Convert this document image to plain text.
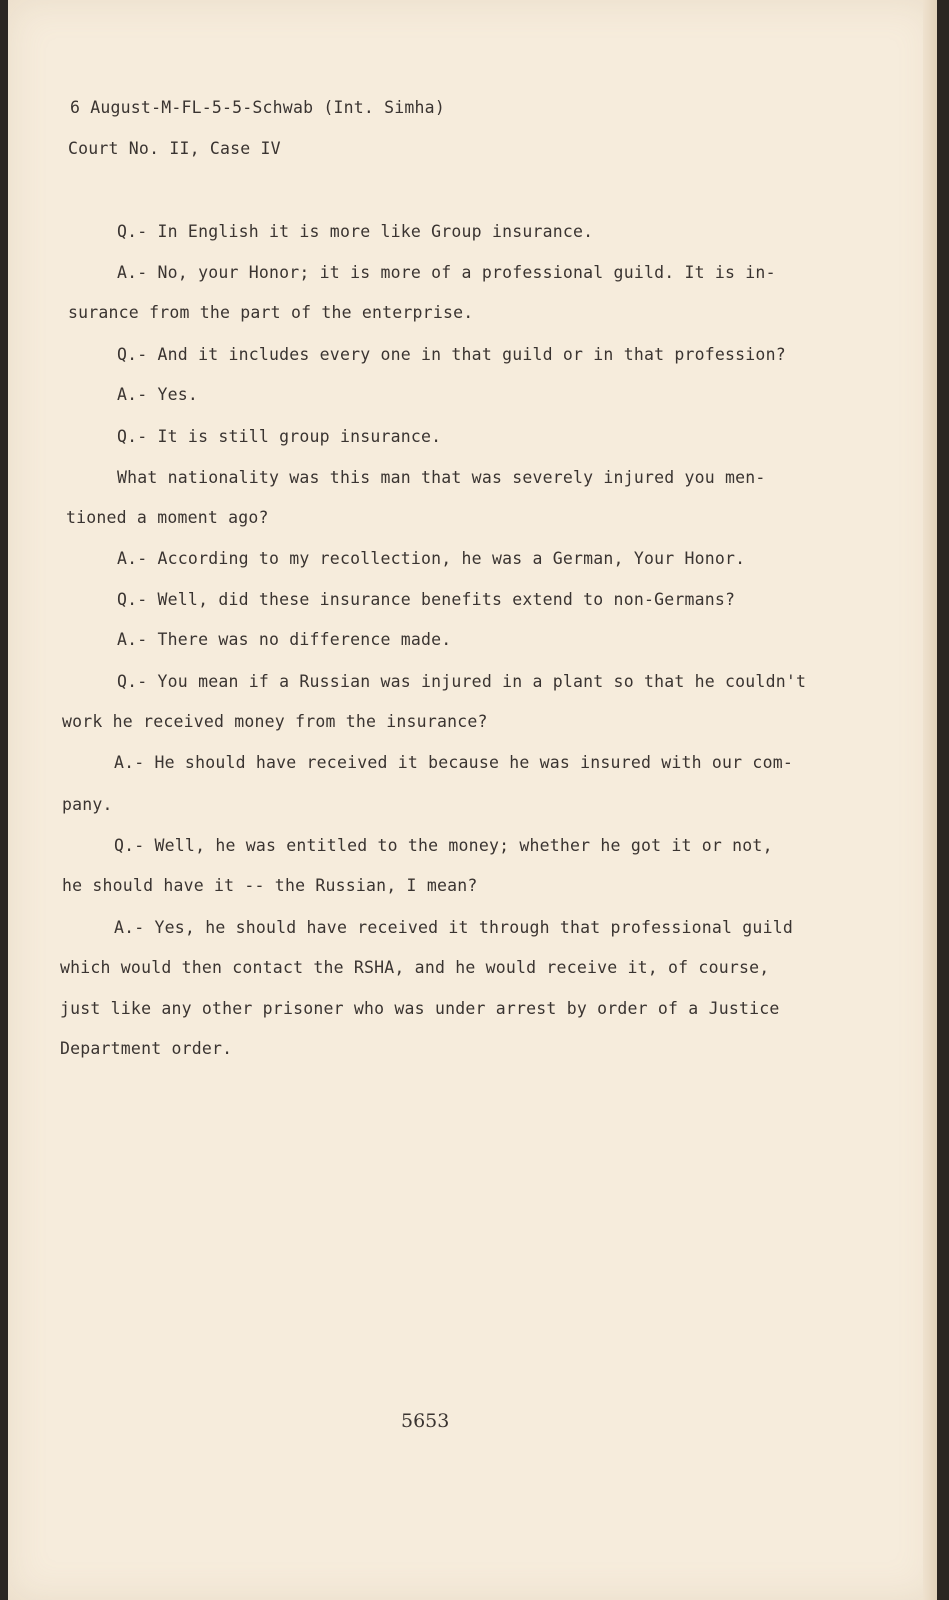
6 August-M-FL-5-5-Schwab (Int. Simha)
Court No. II, Case IV
Q.- In English it is more like Group insurance.
A.- No, your Honor; it is more of a professional guild. It is in-
surance from the part of the enterprise.
Q.- And it includes every one in that guild or in that profession?
A.- Yes.
Q.- It is still group insurance.
What nationality was this man that was severely injured you men-
tioned a moment ago?
A.- According to my recollection, he was a German, Your Honor.
Q.- Well, did these insurance benefits extend to non-Germans?
A.- There was no difference made.
Q.- You mean if a Russian was injured in a plant so that he couldn't
work he received money from the insurance?
A.- He should have received it because he was insured with our com-
pany.
Q.- Well, he was entitled to the money; whether he got it or not,
he should have it -- the Russian, I mean?
A.- Yes, he should have received it through that professional guild
which would then contact the RSHA, and he would receive it, of course,
just like any other prisoner who was under arrest by order of a Justice
Department order.
5653
